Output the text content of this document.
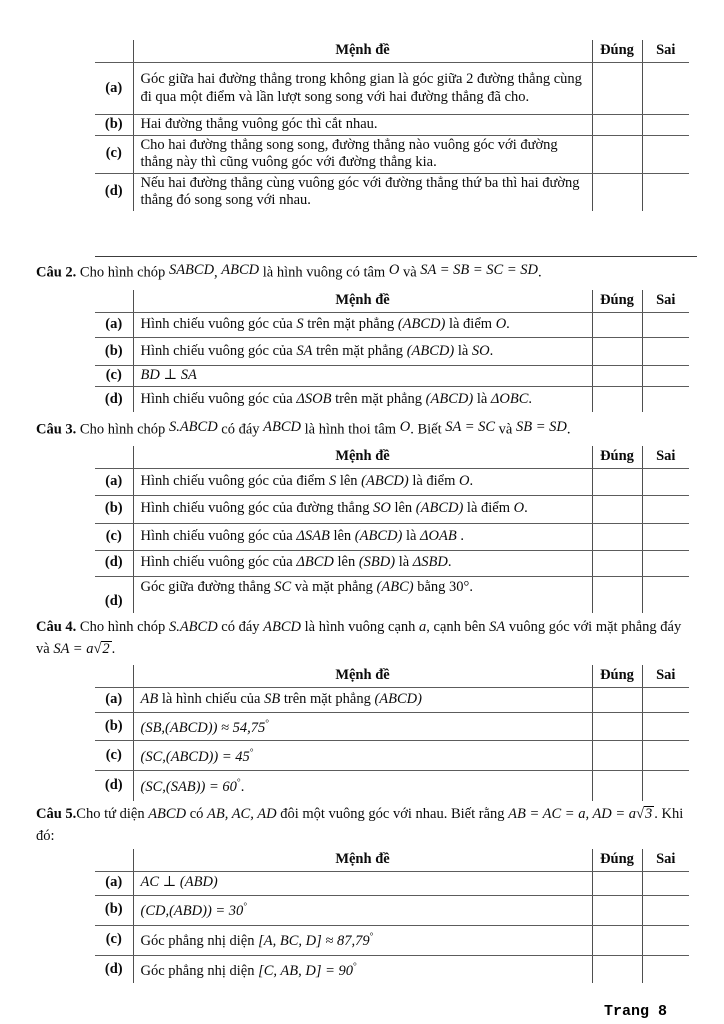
	Mệnh đề	Đúng	Sai
(a)	Góc giữa hai đường thẳng trong không gian là góc giữa 2 đường thẳng cùng đi qua một điểm và lần lượt song song với hai đường thẳng đã cho.		
(b)	Hai đường thẳng vuông góc thì cắt nhau.		
(c)	Cho hai đường thẳng song song, đường thẳng nào vuông góc với đường thẳng này thì cũng vuông góc với đường thẳng kia.		
(d)	Nếu hai đường thẳng cùng vuông góc với đường thẳng thứ ba thì hai đường thẳng đó song song với nhau.		

Câu 2. Cho hình chóp SABCD, ABCD là hình vuông có tâm O và SA = SB = SC = SD.

	Mệnh đề	Đúng	Sai
(a)	Hình chiếu vuông góc của S trên mặt phẳng (ABCD) là điểm O.		
(b)	Hình chiếu vuông góc của SA trên mặt phẳng (ABCD) là SO.		
(c)	BD ⊥ SA		
(d)	Hình chiếu vuông góc của ΔSOB trên mặt phẳng (ABCD) là ΔOBC.		

Câu 3. Cho hình chóp S.ABCD có đáy ABCD là hình thoi tâm O. Biết SA = SC và SB = SD.

	Mệnh đề	Đúng	Sai
(a)	Hình chiếu vuông góc của điểm S lên (ABCD) là điểm O.		
(b)	Hình chiếu vuông góc của đường thẳng SO lên (ABCD) là điểm O.		
(c)	Hình chiếu vuông góc của ΔSAB lên (ABCD) là ΔOAB .		
(d)	Hình chiếu vuông góc của ΔBCD lên (SBD) là ΔSBD.		
(d)	Góc giữa đường thẳng SC và mặt phẳng (ABC) bằng 30°.		

Câu 4. Cho hình chóp S.ABCD có đáy ABCD là hình vuông cạnh a, cạnh bên SA vuông góc với mặt phẳng đáy và SA = a√2 .

	Mệnh đề	Đúng	Sai
(a)	AB là hình chiếu của SB trên mặt phẳng (ABCD)		
(b)	(SB,(ABCD)) ≈ 54,75°		
(c)	(SC,(ABCD)) = 45°		
(d)	(SC,(SAB)) = 60°.		

Câu 5.Cho tứ diện ABCD có AB, AC, AD đôi một vuông góc với nhau. Biết rằng AB = AC = a, AD = a√3 . Khi đó:

	Mệnh đề	Đúng	Sai
(a)	AC ⊥ (ABD)		
(b)	(CD,(ABD)) = 30°		
(c)	Góc phẳng nhị diện [A, BC, D] ≈ 87,79°		
(d)	Góc phẳng nhị diện [C, AB, D] = 90°		
Trang 8
